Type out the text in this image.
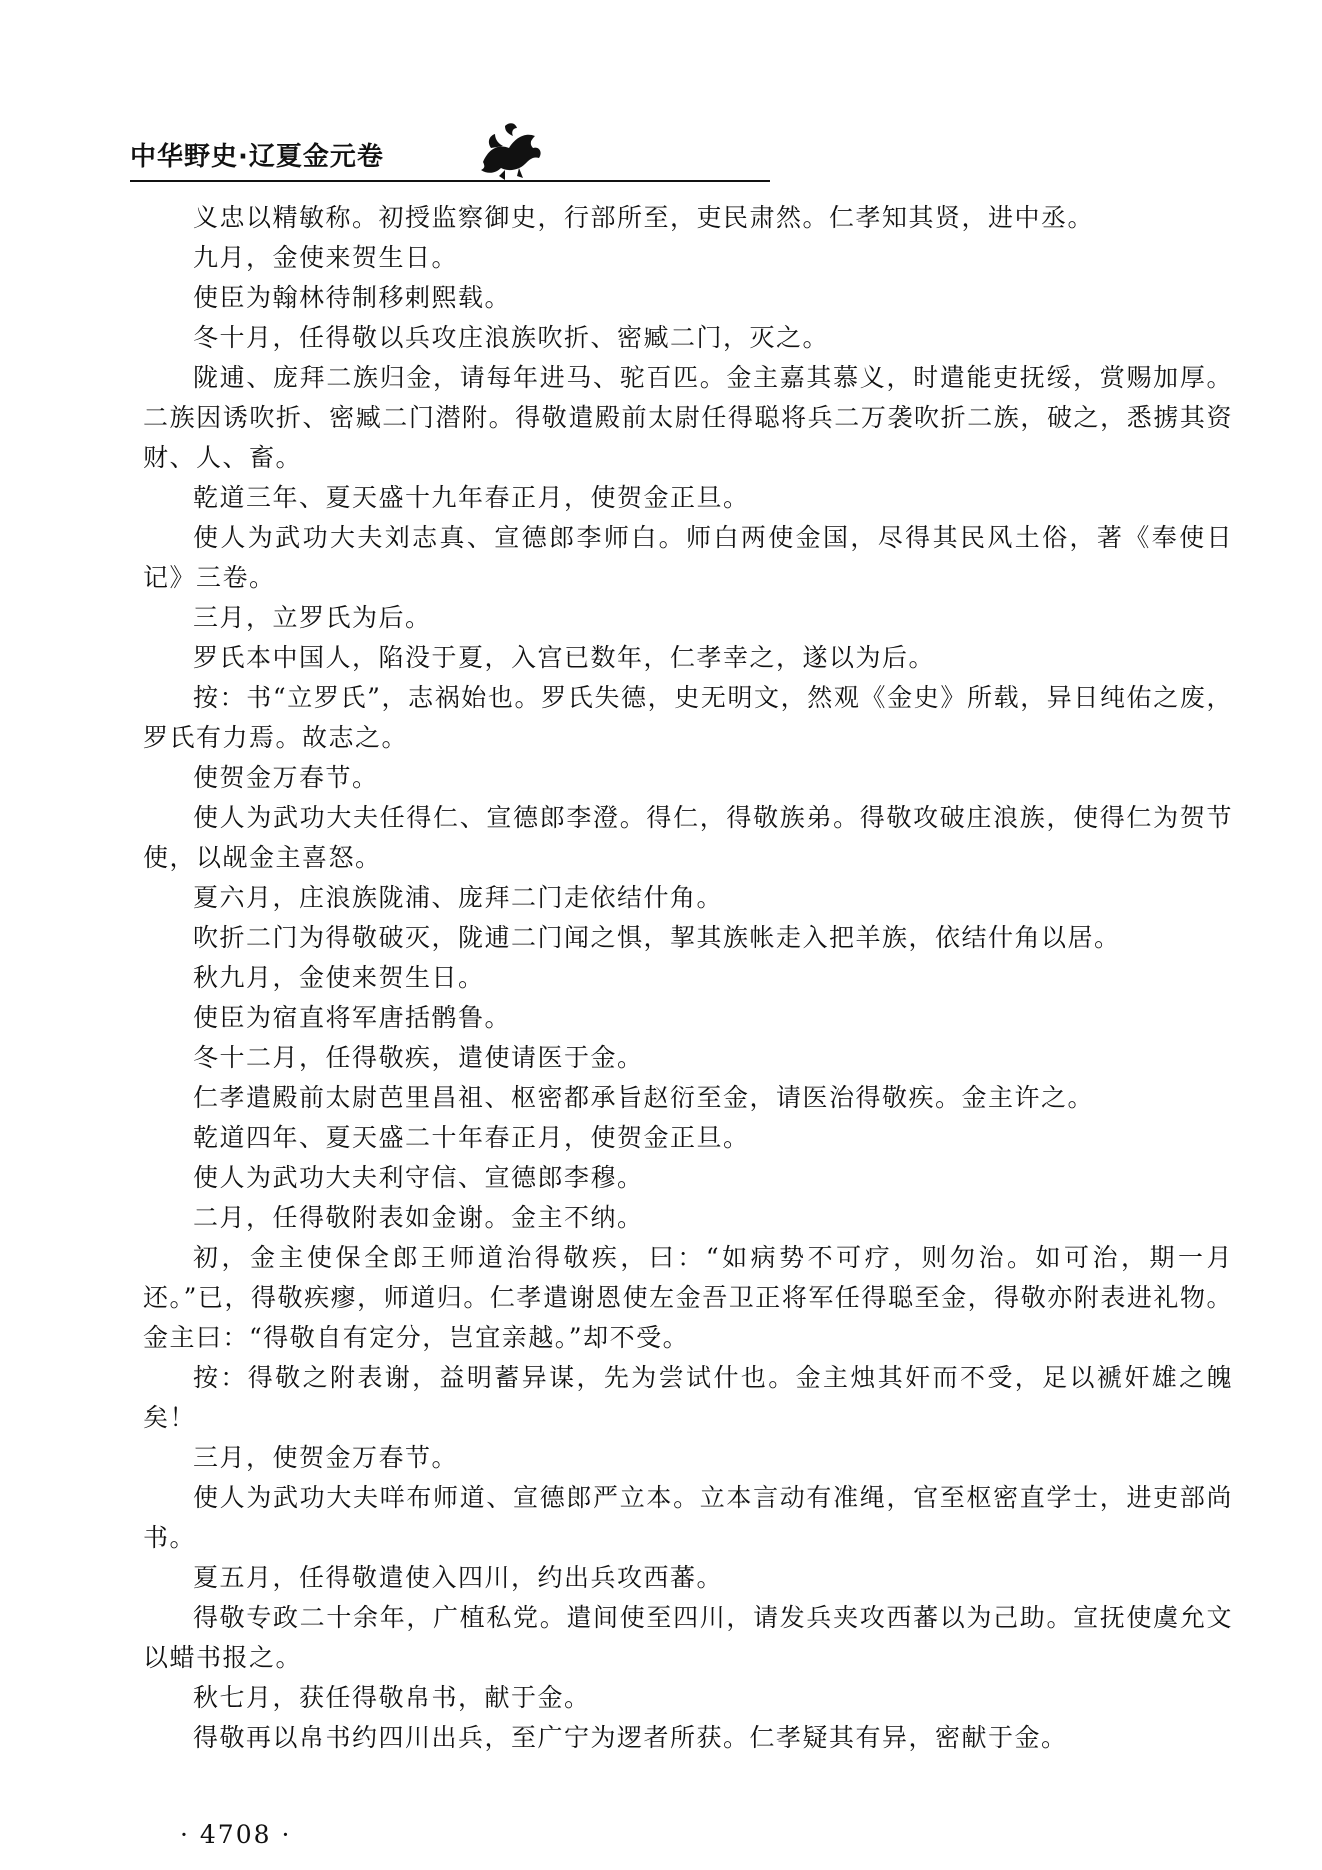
中华野史·辽夏金元卷

义忠以精敏称。初授监察御史，行部所至，吏民肃然。仁孝知其贤，进中丞。

九月，金使来贺生日。

使臣为翰林待制移剌熙载。

冬十月，任得敬以兵攻庄浪族吹折、密臧二门，灭之。

陇逋、庞拜二族归金，请每年进马、驼百匹。金主嘉其慕义，时遣能吏抚绥，赏赐加厚。二族因诱吹折、密臧二门潜附。得敬遣殿前太尉任得聪将兵二万袭吹折二族，破之，悉掳其资财、人、畜。

乾道三年、夏天盛十九年春正月，使贺金正旦。

使人为武功大夫刘志真、宣德郎李师白。师白两使金国，尽得其民风土俗，著《奉使日记》三卷。

三月，立罗氏为后。

罗氏本中国人，陷没于夏，入宫已数年，仁孝幸之，遂以为后。

按：书“立罗氏”，志祸始也。罗氏失德，史无明文，然观《金史》所载，异日纯佑之废，罗氏有力焉。故志之。

使贺金万春节。

使人为武功大夫任得仁、宣德郎李澄。得仁，得敬族弟。得敬攻破庄浪族，使得仁为贺节使，以觇金主喜怒。

夏六月，庄浪族陇浦、庞拜二门走依结什角。

吹折二门为得敬破灭，陇逋二门闻之惧，挈其族帐走入把羊族，依结什角以居。

秋九月，金使来贺生日。

使臣为宿直将军唐括鹘鲁。

冬十二月，任得敬疾，遣使请医于金。

仁孝遣殿前太尉芭里昌祖、枢密都承旨赵衍至金，请医治得敬疾。金主许之。

乾道四年、夏天盛二十年春正月，使贺金正旦。

使人为武功大夫利守信、宣德郎李穆。

二月，任得敬附表如金谢。金主不纳。

初，金主使保全郎王师道治得敬疾，曰：“如病势不可疗，则勿治。如可治，期一月还。”已，得敬疾瘳，师道归。仁孝遣谢恩使左金吾卫正将军任得聪至金，得敬亦附表进礼物。金主曰：“得敬自有定分，岂宜亲越。”却不受。

按：得敬之附表谢，益明蓄异谋，先为尝试什也。金主烛其奸而不受，足以褫奸雄之魄矣！

三月，使贺金万春节。

使人为武功大夫咩布师道、宣德郎严立本。立本言动有准绳，官至枢密直学士，进吏部尚书。

夏五月，任得敬遣使入四川，约出兵攻西蕃。

得敬专政二十余年，广植私党。遣间使至四川，请发兵夹攻西蕃以为己助。宣抚使虞允文以蜡书报之。

秋七月，获任得敬帛书，献于金。

得敬再以帛书约四川出兵，至广宁为逻者所获。仁孝疑其有异，密献于金。

· 4708 ·
